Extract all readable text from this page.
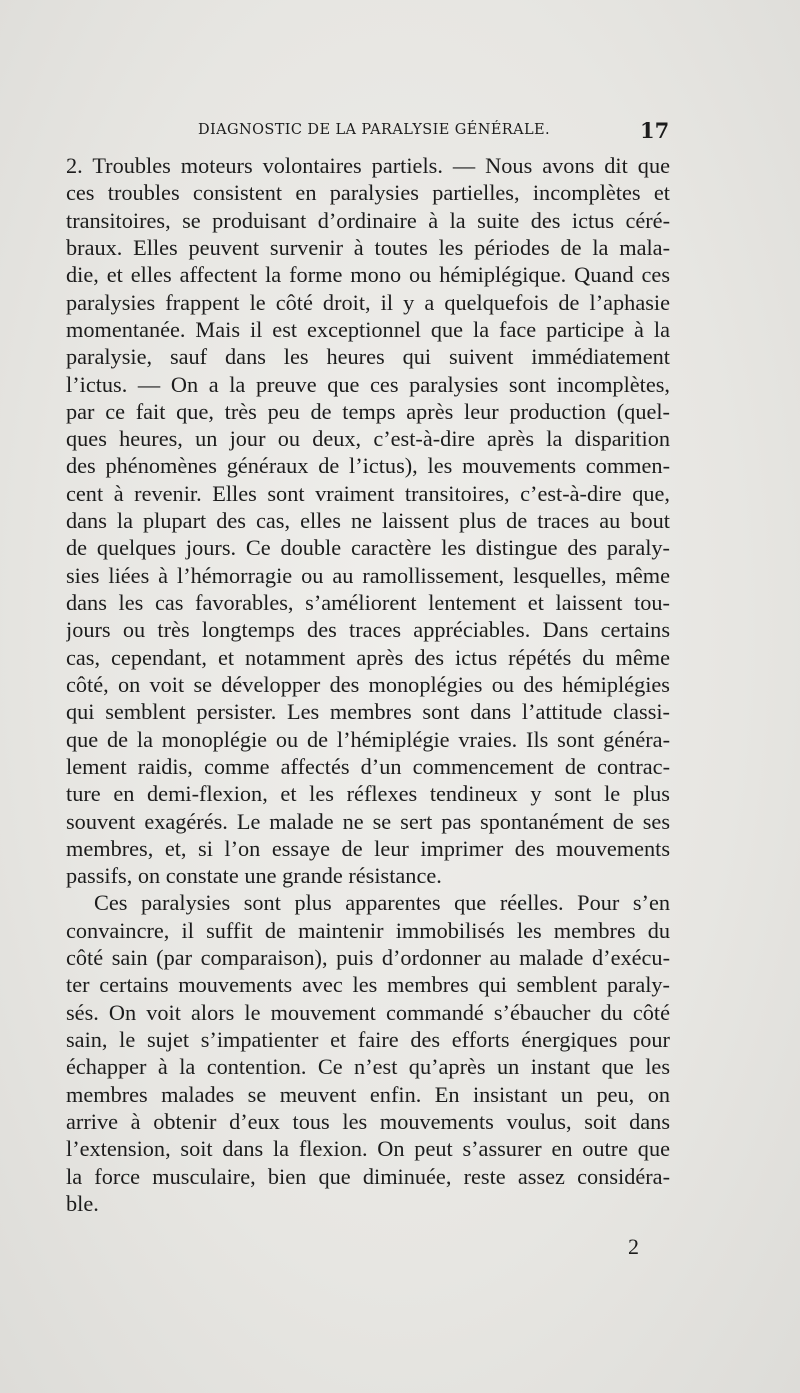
DIAGNOSTIC DE LA PARALYSIE GÉNÉRALE.	17

2. Troubles moteurs volontaires partiels. — Nous avons dit que
ces troubles consistent en paralysies partielles, incomplètes et
transitoires, se produisant d’ordinaire à la suite des ictus céré-
braux. Elles peuvent survenir à toutes les périodes de la mala-
die, et elles affectent la forme mono ou hémiplégique. Quand ces
paralysies frappent le côté droit, il y a quelquefois de l’aphasie
momentanée. Mais il est exceptionnel que la face participe à la
paralysie, sauf dans les heures qui suivent immédiatement
l’ictus. — On a la preuve que ces paralysies sont incomplètes,
par ce fait que, très peu de temps après leur production (quel-
ques heures, un jour ou deux, c’est-à-dire après la disparition
des phénomènes généraux de l’ictus), les mouvements commen-
cent à revenir. Elles sont vraiment transitoires, c’est-à-dire que,
dans la plupart des cas, elles ne laissent plus de traces au bout
de quelques jours. Ce double caractère les distingue des paraly-
sies liées à l’hémorragie ou au ramollissement, lesquelles, même
dans les cas favorables, s’améliorent lentement et laissent tou-
jours ou très longtemps des traces appréciables. Dans certains
cas, cependant, et notamment après des ictus répétés du même
côté, on voit se développer des monoplégies ou des hémiplégies
qui semblent persister. Les membres sont dans l’attitude classi-
que de la monoplégie ou de l’hémiplégie vraies. Ils sont généra-
lement raidis, comme affectés d’un commencement de contrac-
ture en demi-flexion, et les réflexes tendineux y sont le plus
souvent exagérés. Le malade ne se sert pas spontanément de ses
membres, et, si l’on essaye de leur imprimer des mouvements
passifs, on constate une grande résistance.

Ces paralysies sont plus apparentes que réelles. Pour s’en
convaincre, il suffit de maintenir immobilisés les membres du
côté sain (par comparaison), puis d’ordonner au malade d’exécu-
ter certains mouvements avec les membres qui semblent paraly-
sés. On voit alors le mouvement commandé s’ébaucher du côté
sain, le sujet s’impatienter et faire des efforts énergiques pour
échapper à la contention. Ce n’est qu’après un instant que les
membres malades se meuvent enfin. En insistant un peu, on
arrive à obtenir d’eux tous les mouvements voulus, soit dans
l’extension, soit dans la flexion. On peut s’assurer en outre que
la force musculaire, bien que diminuée, reste assez considéra-
ble.

2
